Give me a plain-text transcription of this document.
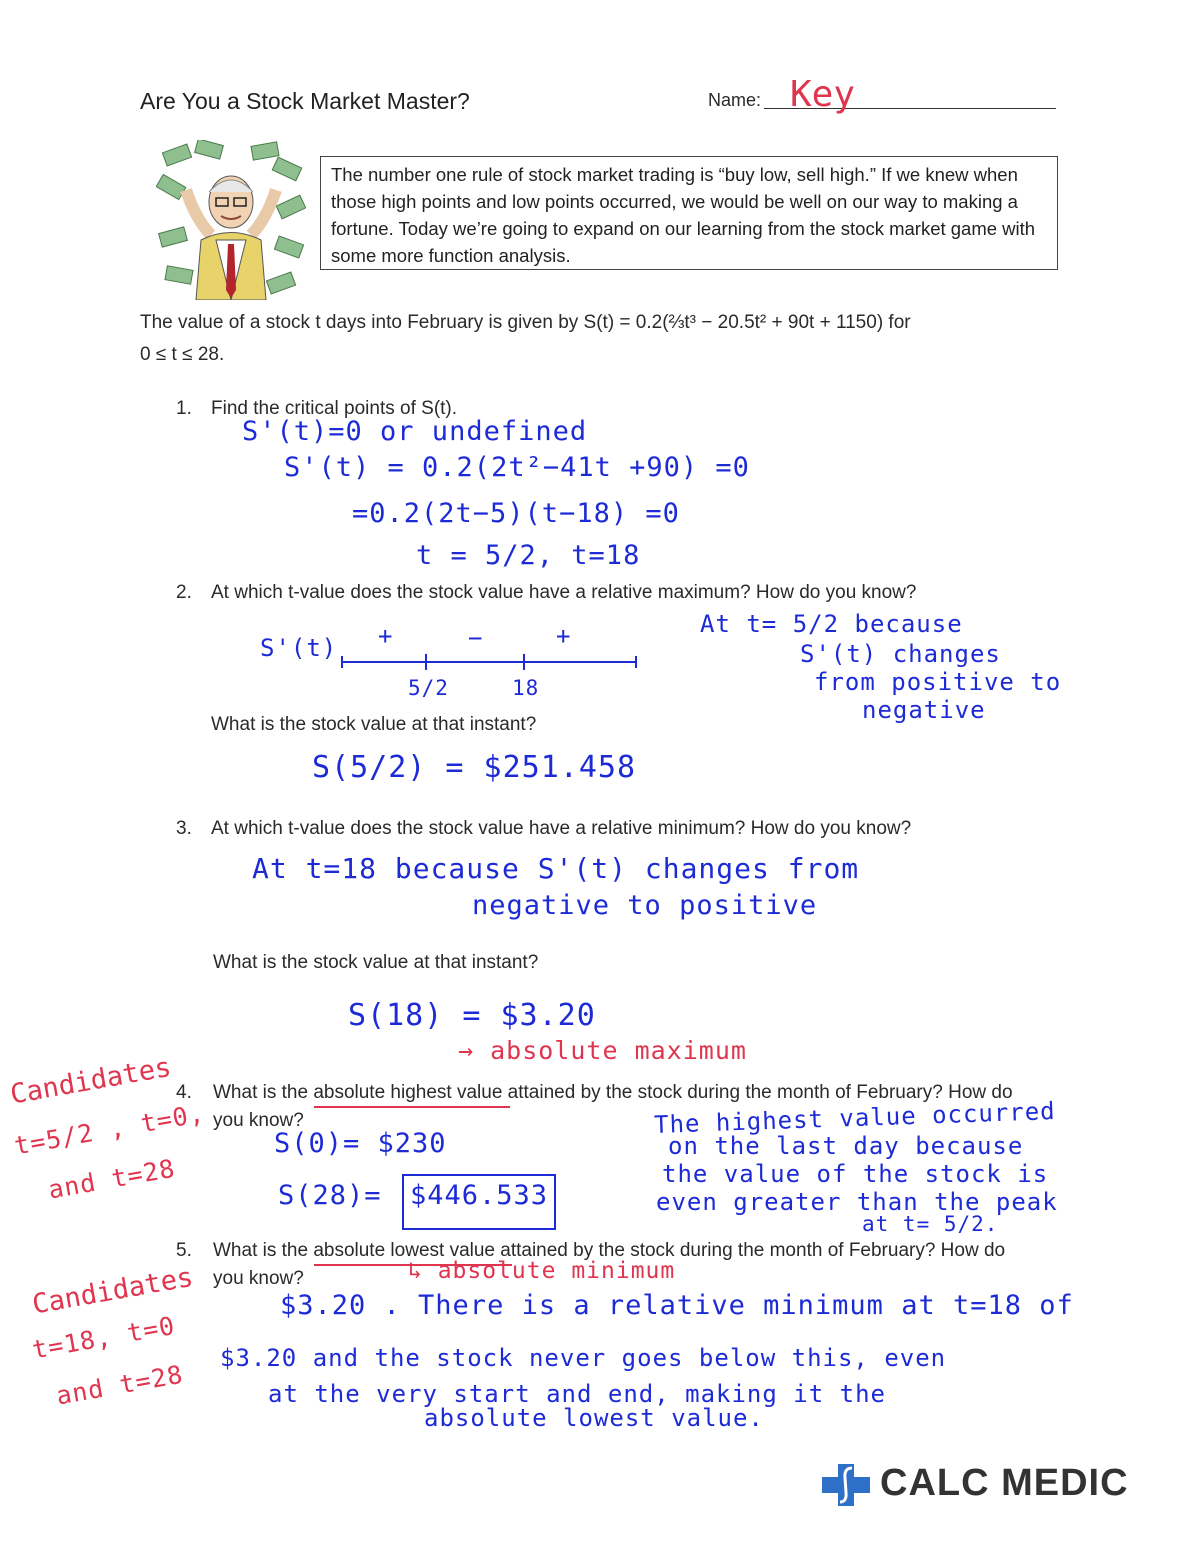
Are You a Stock Market Master?	Name: Key
The number one rule of stock market trading is “buy low, sell high.” If we knew when those high points and low points occurred, we would be well on our way to making a fortune. Today we’re going to expand on our learning from the stock market game with some more function analysis.
The value of a stock t days into February is given by S(t) = 0.2(⅔t³ − 20.5t² + 90t + 1150) for
0 ≤ t ≤ 28.
1. Find the critical points of S(t).
S'(t)=0 or undefined
S'(t) = 0.2(2t²−41t +90) =0
=0.2(2t−5)(t−18) =0
t = 5/2, t=18
2. At which t-value does the stock value have a relative maximum? How do you know?
S'(t) +	−	+
5/2	18
At t= 5/2 because
S'(t) changes
from positive to
negative
What is the stock value at that instant?
S(5/2) = $251.458
3. At which t-value does the stock value have a relative minimum? How do you know?
At t=18 because S'(t) changes from
negative to positive
What is the stock value at that instant?
S(18) = $3.20
→ absolute maximum
4. What is the absolute highest value attained by the stock during the month of February? How do
you know?
Candidates
t=5/2 , t=0,
and t=28
S(0)= $230
S(28)= $446.533
The highest value occurred
on the last day because
the value of the stock is
even greater than the peak
at t= 5/2.
5. What is the absolute lowest value attained by the stock during the month of February? How do
you know?	↳ absolute minimum
Candidates
t=18, t=0
and t=28
$3.20 . There is a relative minimum at t=18 of
$3.20 and the stock never goes below this, even
at the very start and end, making it the
absolute lowest value.
CALC MEDIC
